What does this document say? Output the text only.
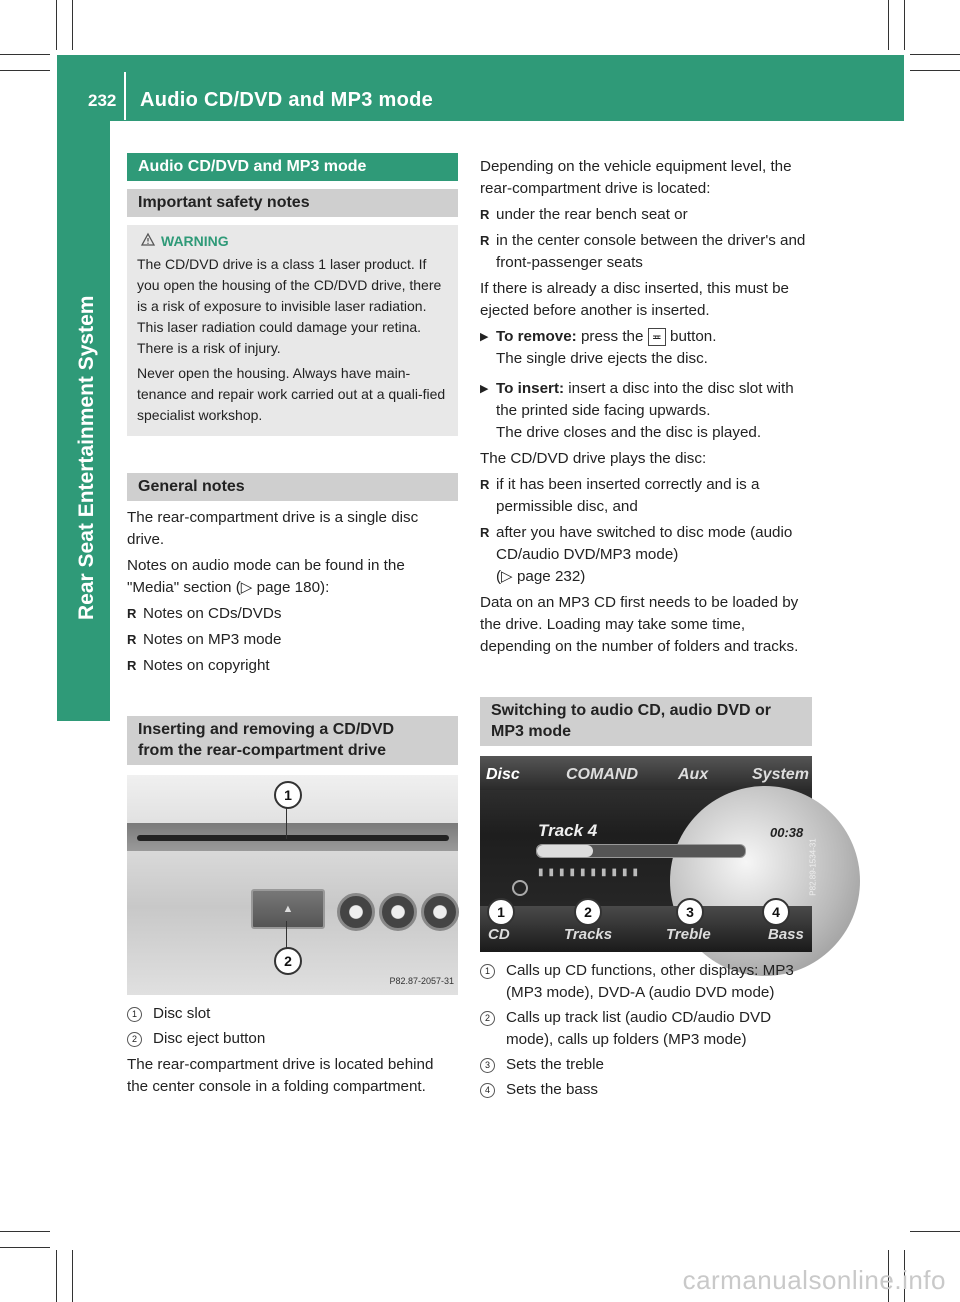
232 Audio CD/DVD and MP3 mode
Rear Seat Entertainment System
Audio CD/DVD and MP3 mode
Important safety notes
WARNING

The CD/DVD drive is a class 1 laser product. If you open the housing of the CD/DVD drive, there is a risk of exposure to invisible laser radiation. This laser radiation could damage your retina. There is a risk of injury.

Never open the housing. Always have main-tenance and repair work carried out at a quali-fied specialist workshop.

General notes

The rear-compartment drive is a single disc drive.

Notes on audio mode can be found in the "Media" section (▷ page 180):

R Notes on CDs/DVDs
R Notes on MP3 mode
R Notes on copyright
Inserting and removing a CD/DVD
from the rear-compartment drive
▲
1
2
P82.87-2057-31
1	Disc slot
2	Disc eject button

The rear-compartment drive is located behind the center console in a folding compartment.

Depending on the vehicle equipment level, the rear-compartment drive is located:

R under the rear bench seat or
R in the center console between the driver's and front-passenger seats

If there is already a disc inserted, this must be ejected before another is inserted.

▶ To remove: press the ≖ button.
The single drive ejects the disc.
▶ To insert: insert a disc into the disc slot with the printed side facing upwards.
The drive closes and the disc is played.

The CD/DVD drive plays the disc:

R if it has been inserted correctly and is a permissible disc, and
R after you have switched to disc mode (audio CD/audio DVD/MP3 mode)
(▷ page 232)

Data on an MP3 CD first needs to be loaded by the drive. Loading may take some time, depending on the number of folders and tracks.

Switching to audio CD, audio DVD or
MP3 mode
Disc	COMAND	Aux	System
Track 4	00:38
▮▮▮▮▮▮▮▮▮▮
1	2	3	4
CD	Tracks	Treble	Bass
P82.89-1534-31
1	Calls up CD functions, other displays: MP3 (MP3 mode), DVD-A (audio DVD mode)
2	Calls up track list (audio CD/audio DVD mode), calls up folders (MP3 mode)
3	Sets the treble
4	Sets the bass
carmanualsonline.info
